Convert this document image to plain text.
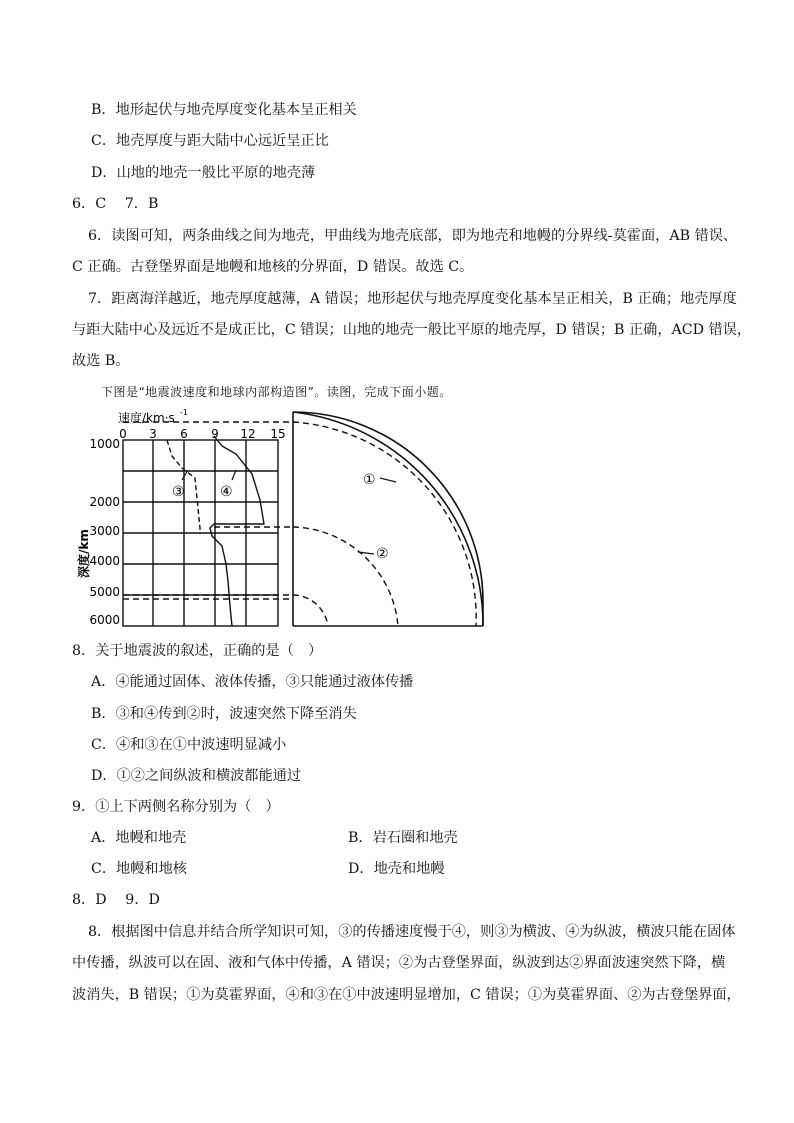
B．地形起伏与地壳厚度变化基本呈正相关
C．地壳厚度与距大陆中心远近呈正比
D．山地的地壳一般比平原的地壳薄
6．C　 7．B
6．读图可知，两条曲线之间为地壳，甲曲线为地壳底部，即为地壳和地幔的分界线-莫霍面，AB 错误、
C 正确。古登堡界面是地幔和地核的分界面，D 错误。故选 C。
7．距离海洋越近，地壳厚度越薄，A 错误；地形起伏与地壳厚度变化基本呈正相关，B 正确；地壳厚度
与距大陆中心及远近不是成正比，C 错误；山地的地壳一般比平原的地壳厚，D 错误；B 正确，ACD 错误，
故选 B。
下图是“地震波速度和地球内部构造图”。读图，完成下面小题。
速度/km·s -1
0 3 6 9 12 15
1000
2000
3000
4000
5000
6000
深度/km
③	④
①
②
8．关于地震波的叙述，正确的是（　）
A．④能通过固体、液体传播，③只能通过液体传播
B．③和④传到②时，波速突然下降至消失
C．④和③在①中波速明显减小
D．①②之间纵波和横波都能通过
9．①上下两侧名称分别为（　）
A．地幔和地壳	B．岩石圈和地壳
C．地幔和地核	D．地壳和地幔
8．D　 9．D
8．根据图中信息并结合所学知识可知，③的传播速度慢于④，则③为横波、④为纵波，横波只能在固体
中传播，纵波可以在固、液和气体中传播，A 错误；②为古登堡界面，纵波到达②界面波速突然下降，横
波消失，B 错误；①为莫霍界面，④和③在①中波速明显增加，C 错误；①为莫霍界面、②为古登堡界面，
